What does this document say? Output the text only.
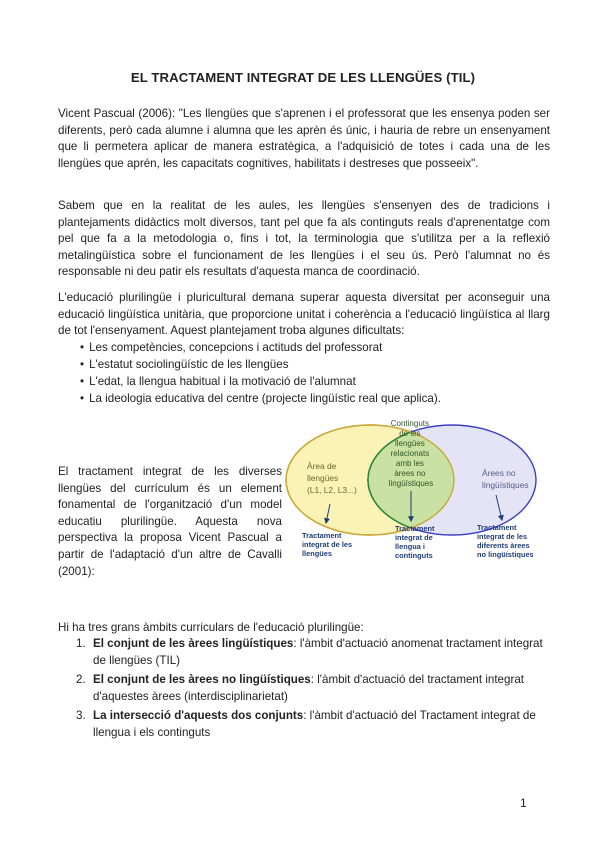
EL TRACTAMENT INTEGRAT DE LES LLENGÜES (TIL)

Vicent Pascual (2006): "Les llengües que s'aprenen i el professorat que les ensenya poden ser diferents, però cada alumne i alumna que les aprèn és únic, i hauria de rebre un ensenyament que li permetera aplicar de manera estratègica, a l'adquisició de totes i cada una de les llengües que aprén, les capacitats cognitives, habilitats i destreses que posseeix".

Sabem que en la realitat de les aules, les llengües s'ensenyen des de tradicions i plantejaments didàctics molt diversos, tant pel que fa als continguts reals d'aprenentatge com pel que fa a la metodologia o, fins i tot, la terminologia que s'utilitza per a la reflexió metalingüística sobre el funcionament de les llengües i el seu ús. Però l'alumnat no és responsable ni deu patir els resultats d'aquesta manca de coordinació.

L'educació plurilingüe i pluricultural demana superar aquesta diversitat per aconseguir una educació lingüística unitària, que proporcione unitat i coherència a l'educació lingüística al llarg de tot l'ensenyament. Aquest plantejament troba algunes dificultats:

• Les competències, concepcions i actituds del professorat
• L'estatut sociolingüístic de les llengües
• L'edat, la llengua habitual i la motivació de l'alumnat
• La ideologia educativa del centre (projecte lingüístic real que aplica).

El tractament integrat de les diverses llengües del currículum és un element fonamental de l'organització d'un model educatiu plurilingüe. Aquesta nova perspectiva la proposa Vicent Pascual a partir de l'adaptació d'un altre de Cavalli (2001):

Àrea de llengües (L1, L2, L3...)
Continguts de les llengües relacionats amb les àrees no lingüístiques
Àrees no lingüístiques
Tractament integrat de les llengües
Tractament integrat de llengua i continguts
Tractament integrat de les diferents àrees no lingüístiques

Hi ha tres grans àmbits curriculars de l'educació plurilingüe:

1. El conjunt de les àrees lingüístiques: l'àmbit d'actuació anomenat tractament integrat de llengües (TIL)
2. El conjunt de les àrees no lingüístiques: l'àmbit d'actuació del tractament integrat d'aquestes àrees (interdisciplinarietat)
3. La intersecció d'aquests dos conjunts: l'àmbit d'actuació del Tractament integrat de llengua i els continguts
1
